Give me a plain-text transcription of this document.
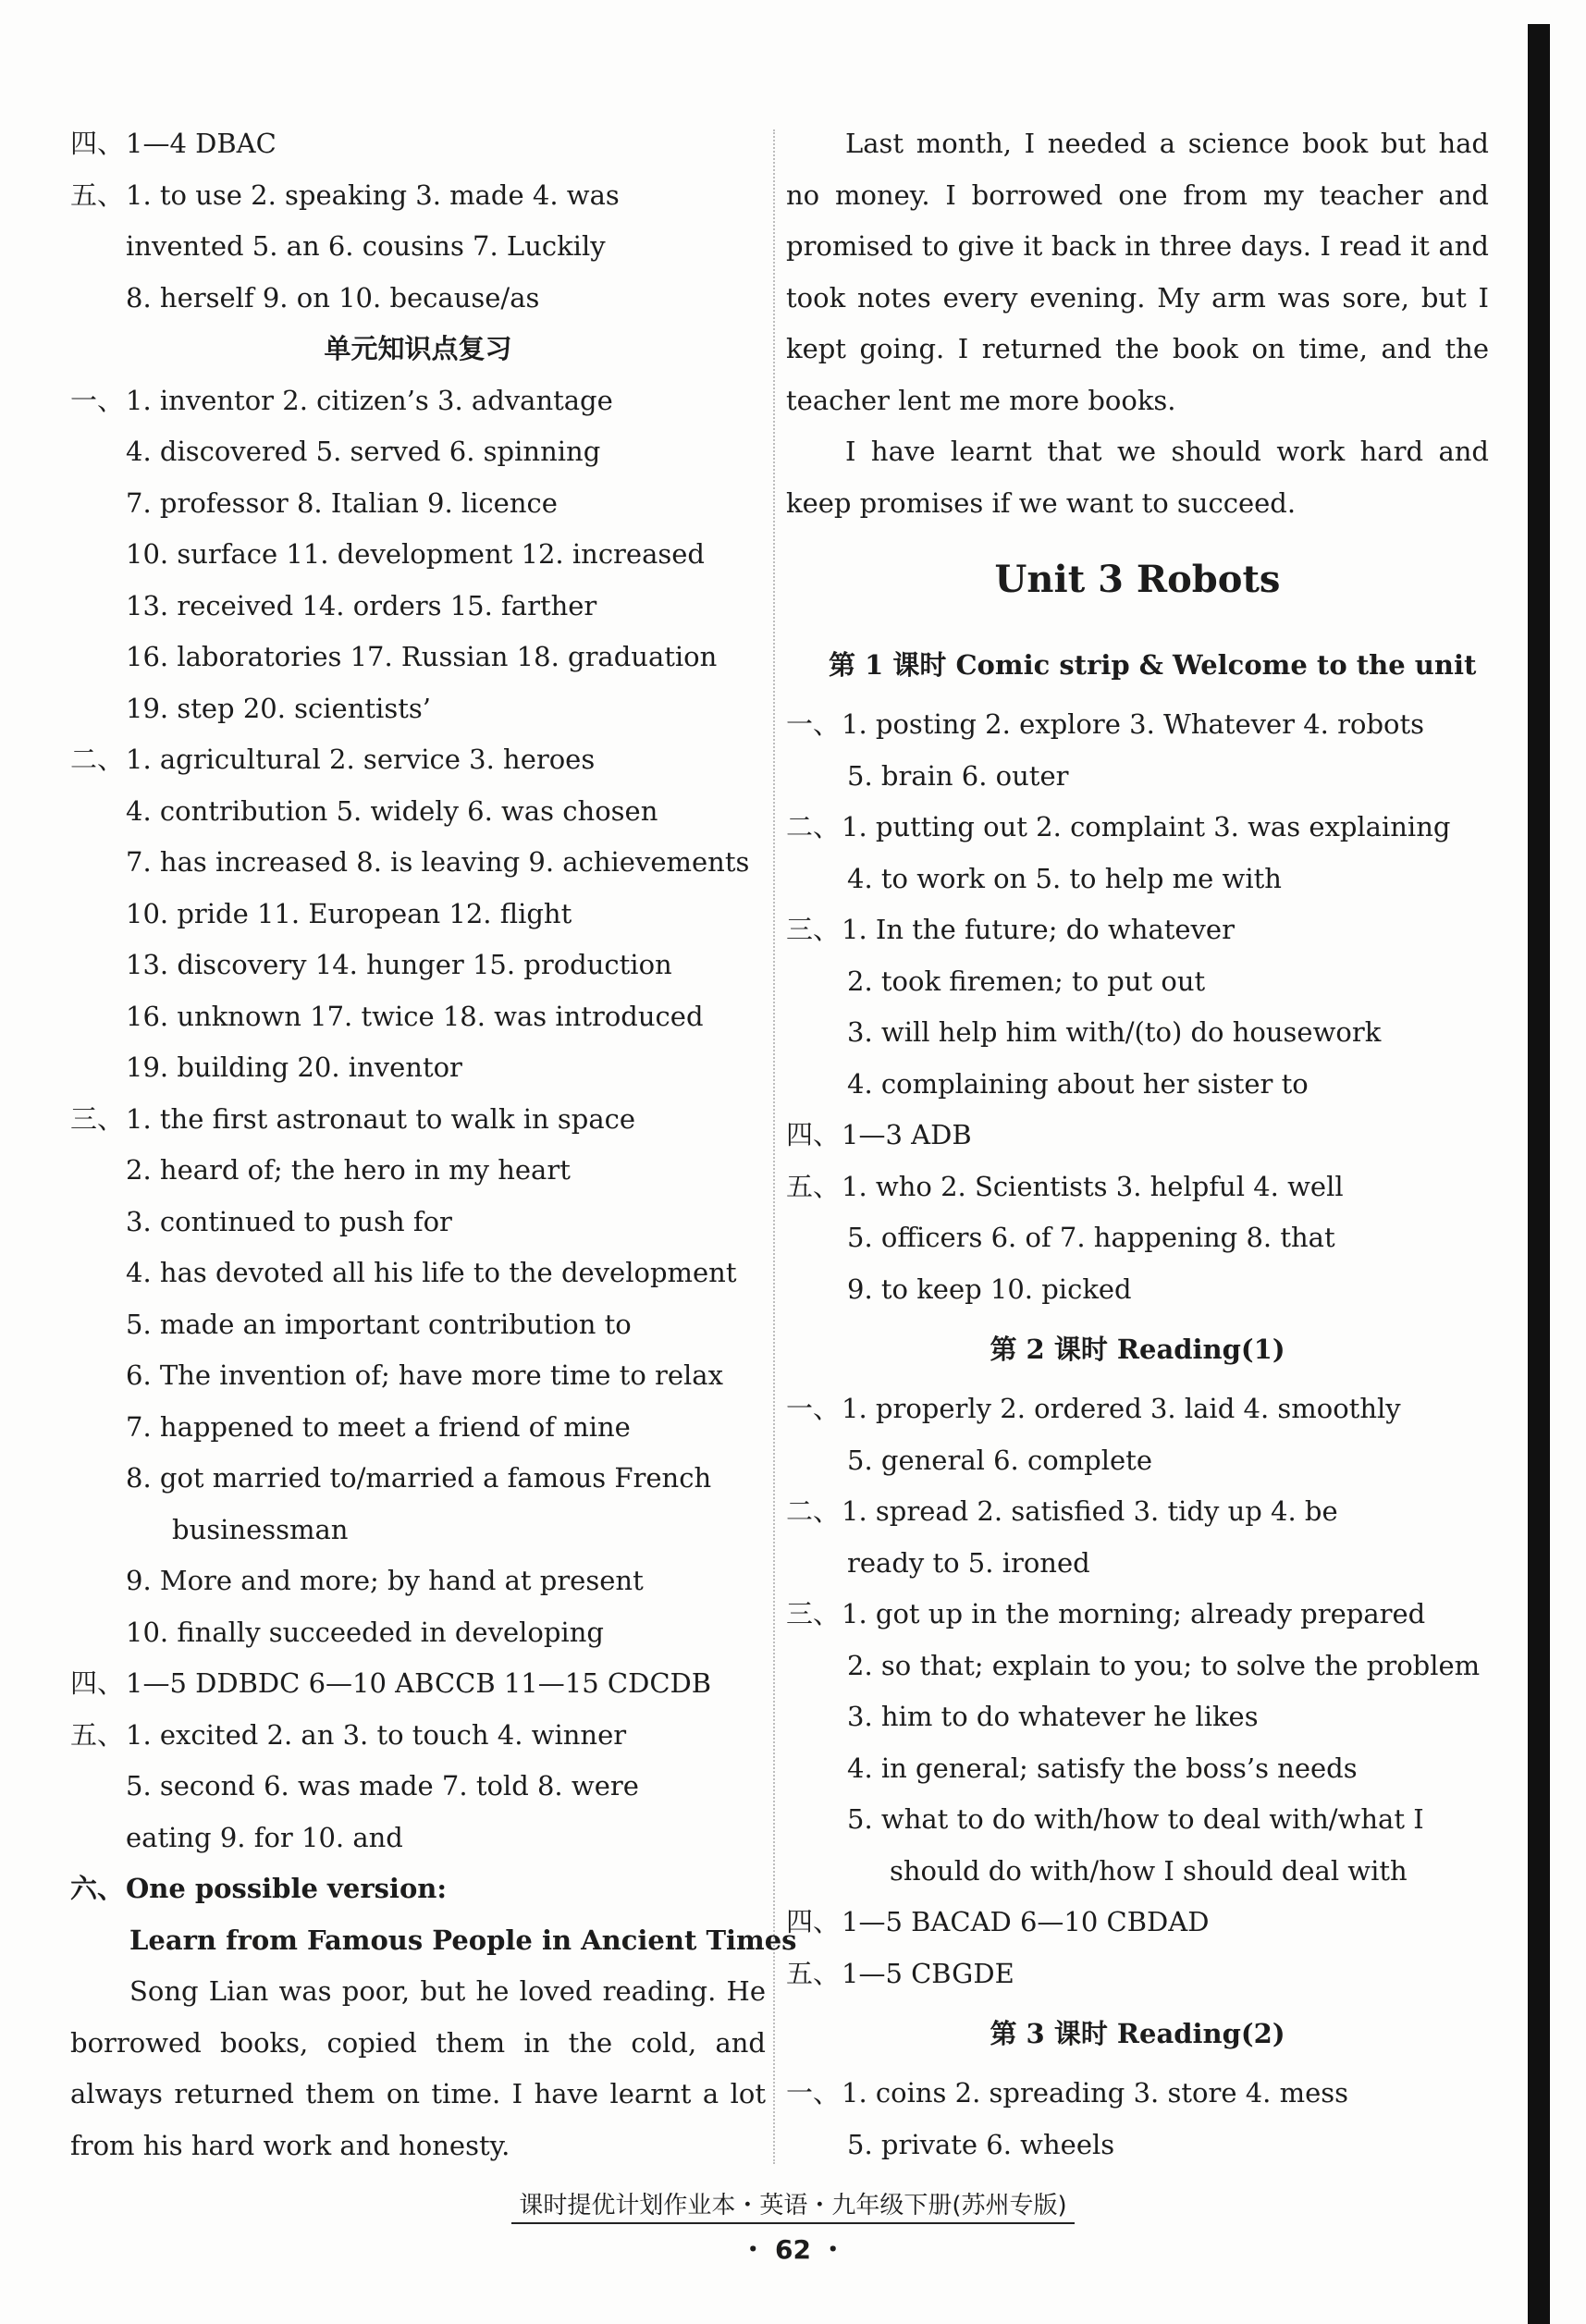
四、1—4 DBAC
五、1. to use 2. speaking 3. made 4. was
invented 5. an 6. cousins 7. Luckily
8. herself 9. on 10. because/as
单元知识点复习
一、1. inventor 2. citizen’s 3. advantage
4. discovered 5. served 6. spinning
7. professor 8. Italian 9. licence
10. surface 11. development 12. increased
13. received 14. orders 15. farther
16. laboratories 17. Russian 18. graduation
19. step 20. scientists’
二、1. agricultural 2. service 3. heroes
4. contribution 5. widely 6. was chosen
7. has increased 8. is leaving 9. achievements
10. pride 11. European 12. flight
13. discovery 14. hunger 15. production
16. unknown 17. twice 18. was introduced
19. building 20. inventor
三、1. the first astronaut to walk in space
2. heard of; the hero in my heart
3. continued to push for
4. has devoted all his life to the development
5. made an important contribution to
6. The invention of; have more time to relax
7. happened to meet a friend of mine
8. got married to/married a famous French
businessman
9. More and more; by hand at present
10. finally succeeded in developing
四、1—5 DDBDC 6—10 ABCCB 11—15 CDCDB
五、1. excited 2. an 3. to touch 4. winner
5. second 6. was made 7. told 8. were
eating 9. for 10. and
六、One possible version:
Learn from Famous People in Ancient Times
Song Lian was poor, but he loved reading. He borrowed books, copied them in the cold, and always returned them on time. I have learnt a lot from his hard work and honesty.
Last month, I needed a science book but had no money. I borrowed one from my teacher and promised to give it back in three days. I read it and took notes every evening. My arm was sore, but I kept going. I returned the book on time, and the teacher lent me more books.
I have learnt that we should work hard and keep promises if we want to succeed.
Unit 3 Robots
第 1 课时 Comic strip & Welcome to the unit
一、1. posting 2. explore 3. Whatever 4. robots
5. brain 6. outer
二、1. putting out 2. complaint 3. was explaining
4. to work on 5. to help me with
三、1. In the future; do whatever
2. took firemen; to put out
3. will help him with/(to) do housework
4. complaining about her sister to
四、1—3 ADB
五、1. who 2. Scientists 3. helpful 4. well
5. officers 6. of 7. happening 8. that
9. to keep 10. picked
第 2 课时 Reading(1)
一、1. properly 2. ordered 3. laid 4. smoothly
5. general 6. complete
二、1. spread 2. satisfied 3. tidy up 4. be
ready to 5. ironed
三、1. got up in the morning; already prepared
2. so that; explain to you; to solve the problem
3. him to do whatever he likes
4. in general; satisfy the boss’s needs
5. what to do with/how to deal with/what I
should do with/how I should deal with
四、1—5 BACAD 6—10 CBDAD
五、1—5 CBGDE
第 3 课时 Reading(2)
一、1. coins 2. spreading 3. store 4. mess
5. private 6. wheels
课时提优计划作业本・英语・九年级下册(苏州专版)
・ 62 ・
